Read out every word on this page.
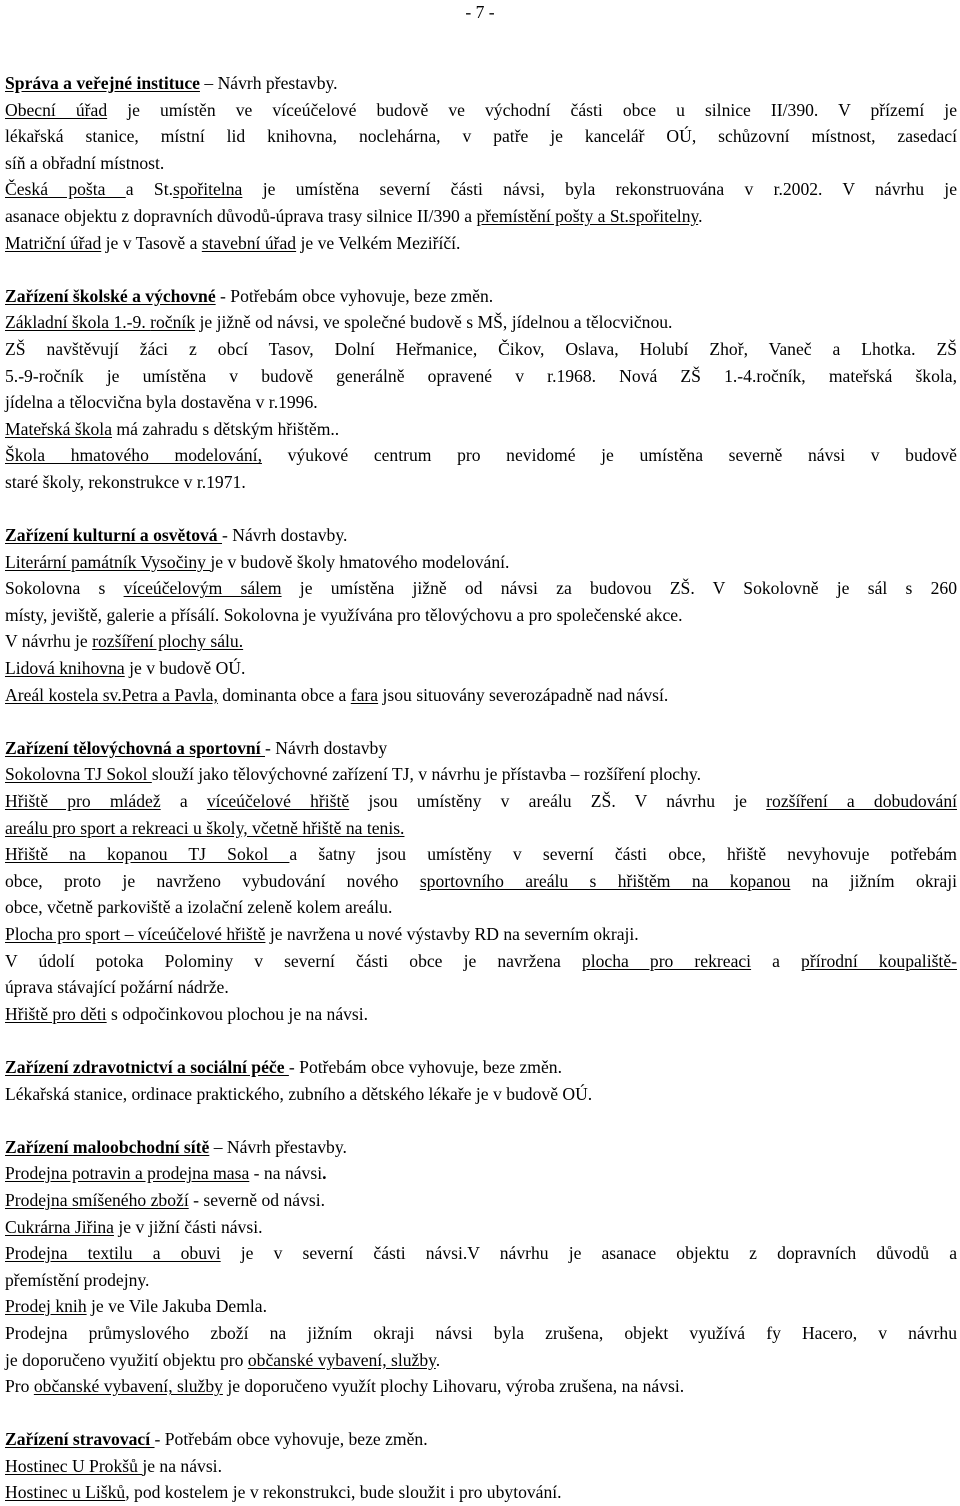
- 7 -
Správa a veřejné instituce – Návrh přestavby.
Obecní úřad je umístěn ve víceúčelové budově ve východní části obce u silnice II/390. V přízemí je
lékařská stanice, místní lid knihovna, noclehárna, v patře je kancelář OÚ, schůzovní místnost, zasedací
síň a obřadní místnost.
Česká pošta a St.spořitelna je umístěna severní části návsi, byla rekonstruována v r.2002. V návrhu je
asanace objektu z dopravních důvodů-úprava trasy silnice II/390 a přemístění pošty a St.spořitelny.
Matriční úřad je v Tasově a stavební úřad je ve Velkém Meziříčí.
Zařízení školské a výchovné - Potřebám obce vyhovuje, beze změn.
Základní škola 1.-9. ročník je jižně od návsi, ve společné budově s MŠ, jídelnou a tělocvičnou.
ZŠ navštěvují žáci z obcí Tasov, Dolní Heřmanice, Čikov, Oslava, Holubí Zhoř, Vaneč a Lhotka. ZŠ
5.-9-ročník je umístěna v budově generálně opravené v r.1968. Nová ZŠ 1.-4.ročník, mateřská škola,
jídelna a tělocvična byla dostavěna v r.1996.
Mateřská škola má zahradu s dětským hřištěm..
Škola hmatového modelování, výukové centrum pro nevidomé je umístěna severně návsi v budově
staré školy, rekonstrukce v r.1971.
Zařízení kulturní a osvětová - Návrh dostavby.
Literární památník Vysočiny je v budově školy hmatového modelování.
Sokolovna s víceúčelovým sálem je umístěna jižně od návsi za budovou ZŠ. V Sokolovně je sál s 260
místy, jeviště, galerie a přísálí. Sokolovna je využívána pro tělovýchovu a pro společenské akce.
V návrhu je rozšíření plochy sálu.
Lidová knihovna je v budově OÚ.
Areál kostela sv.Petra a Pavla, dominanta obce a fara jsou situovány severozápadně nad návsí.
Zařízení tělovýchovná a sportovní - Návrh dostavby
Sokolovna TJ Sokol slouží jako tělovýchovné zařízení TJ, v návrhu je přístavba – rozšíření plochy.
Hřiště pro mládež a víceúčelové hřiště jsou umístěny v areálu ZŠ. V návrhu je rozšíření a dobudování
areálu pro sport a rekreaci u školy, včetně hřiště na tenis.
Hřiště na kopanou TJ Sokol a šatny jsou umístěny v severní části obce, hřiště nevyhovuje potřebám
obce, proto je navrženo vybudování nového sportovního areálu s hřištěm na kopanou na jižním okraji
obce, včetně parkoviště a izolační zeleně kolem areálu.
Plocha pro sport – víceúčelové hřiště je navržena u nové výstavby RD na severním okraji.
V údolí potoka Polominy v severní části obce je navržena plocha pro rekreaci a přírodní koupaliště-
úprava stávající požární nádrže.
Hřiště pro děti s odpočinkovou plochou je na návsi.
Zařízení zdravotnictví a sociální péče - Potřebám obce vyhovuje, beze změn.
Lékařská stanice, ordinace praktického, zubního a dětského lékaře je v budově OÚ.
Zařízení maloobchodní sítě – Návrh přestavby.
Prodejna potravin a prodejna masa - na návsi.
Prodejna smíšeného zboží - severně od návsi.
Cukrárna Jiřina je v jižní části návsi.
Prodejna textilu a obuvi je v severní části návsi.V návrhu je asanace objektu z dopravních důvodů a
přemístění prodejny.
Prodej knih je ve Vile Jakuba Demla.
Prodejna průmyslového zboží na jižním okraji návsi byla zrušena, objekt využívá fy Hacero, v návrhu
je doporučeno využití objektu pro občanské vybavení, služby.
Pro občanské vybavení, služby je doporučeno využít plochy Lihovaru, výroba zrušena, na návsi.
Zařízení stravovací - Potřebám obce vyhovuje, beze změn.
Hostinec U Prokšů je na návsi.
Hostinec u Lišků, pod kostelem je v rekonstrukci, bude sloužit i pro ubytování.
